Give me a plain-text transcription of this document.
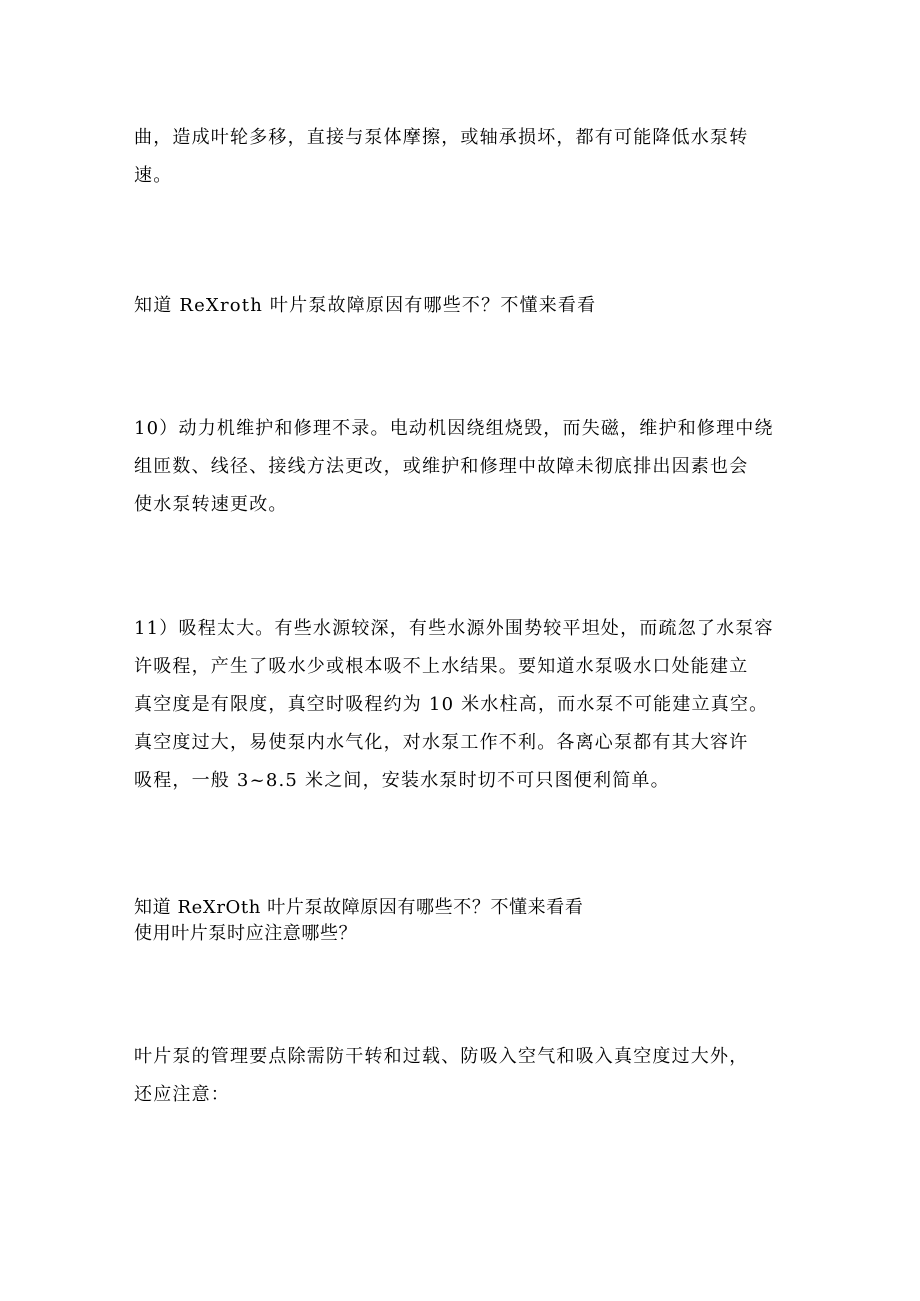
曲，造成叶轮多移，直接与泵体摩擦，或轴承损坏，都有可能降低水泵转
速。
知道 ReXroth 叶片泵故障原因有哪些不？不懂来看看
10）动力机维护和修理不录。电动机因绕组烧毁，而失磁，维护和修理中绕
组匝数、线径、接线方法更改，或维护和修理中故障未彻底排出因素也会
使水泵转速更改。
11）吸程太大。有些水源较深，有些水源外围势较平坦处，而疏忽了水泵容
许吸程，产生了吸水少或根本吸不上水结果。要知道水泵吸水口处能建立
真空度是有限度，真空时吸程约为 10 米水柱高，而水泵不可能建立真空。
真空度过大，易使泵内水气化，对水泵工作不利。各离心泵都有其大容许
吸程，一般 3~8.5 米之间，安装水泵时切不可只图便利简单。
知道 ReXrOth 叶片泵故障原因有哪些不？不懂来看看
使用叶片泵时应注意哪些？
叶片泵的管理要点除需防干转和过载、防吸入空气和吸入真空度过大外，
还应注意：
